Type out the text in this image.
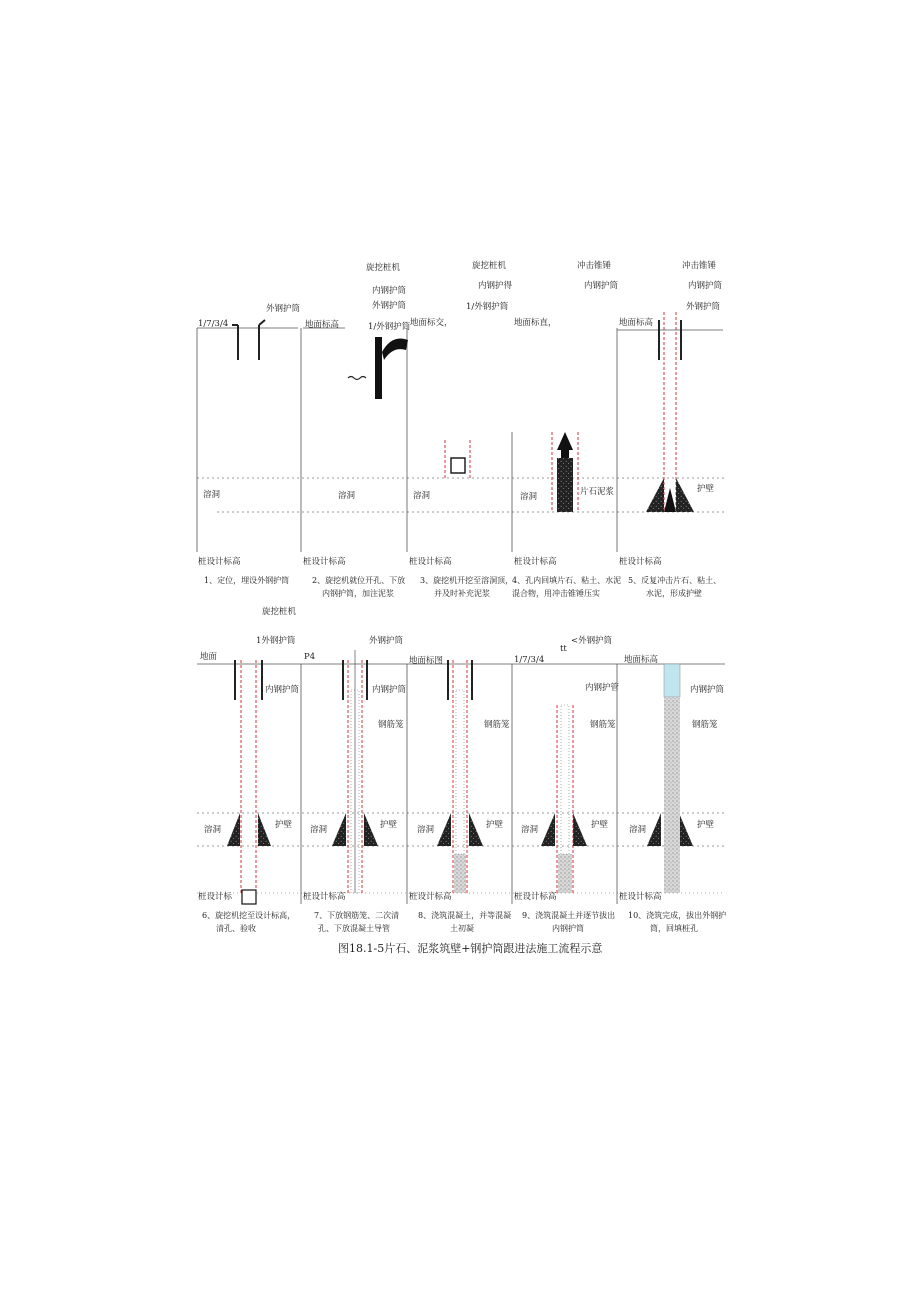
旋挖桩机
内钢护筒
外钢护筒
旋挖桩机
内钢护得
1/外钢护筒
冲击锥锤
内钢护筒
冲击锥锤
内钢护筒
外钢护筒
1/7/3/4
外钢护筒
溶洞
地面标高	1/外钢护筒
溶洞
地面标交，
溶洞
地面标直，
溶洞	片石泥浆
地面标高
护壁
桩设计标高	桩设计标高	桩设计标高	桩设计标高	桩设计标高
1、定位，埋设外钢护筒	2、旋挖机就位开孔、下放
内钢护筒，加注泥浆
3、旋挖机开挖至溶洞顶，
并及时补充泥浆
4、孔内回填片石、粘土、水泥
混合物，用冲击锥锤压实
5、反复冲击片石、粘土、
水泥，形成护壁
旋挖桩机
外钢护筒	<外钢护筒
内钢护管
地面
1外钢护筒
内钢护筒
溶洞	护壁
P4
内钢护筒
钢筋笼
溶洞	护壁
地面标图
钢筋笼
溶洞	护壁
1/7/3/4
tt
钢筋笼
溶洞	护壁
地面标高
内钢护筒
钢筋笼
溶洞	护壁
桩设计标	桩设计标高	桩设计标高	桩设计标高	桩设计标高
6、旋挖机挖至设计标高，
清孔、验收
7、下放钢筋笼、二次清
孔、下放混凝土导管
8、浇筑混凝土，并等混凝
土初凝
9、浇筑混凝土并逐节拔出
内钢护筒
10、浇筑完成，拔出外钢护
筒，回填桩孔
图18.1-5片石、泥浆筑壁+钢护筒跟进法施工流程示意
